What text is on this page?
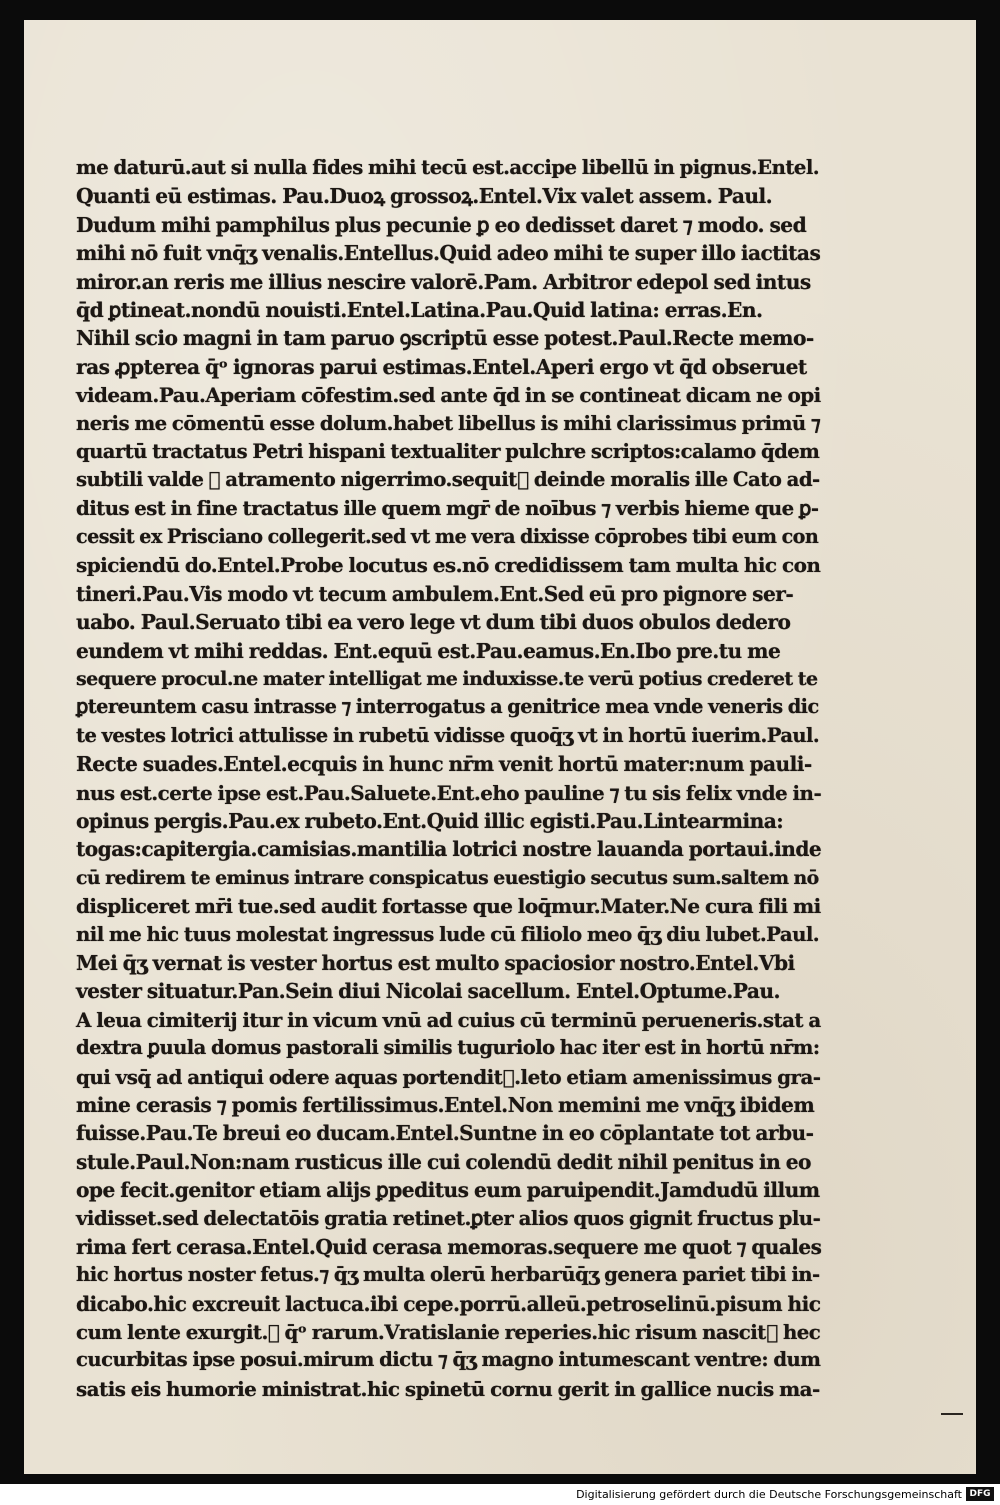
me daturū.aut si nulla fides mihi tecū est.accipe libellū in pignus.Entel.
Quanti eū estimas. Pau.Duoꝝ grossoꝝ.Entel.Vix valet assem. Paul.
Dudum mihi pamphilus plus pecunie ꝑ eo dedisset daret ⁊ modo. sed
mihi nō fuit vnq̄ʒ venalis.Entellus.Quid adeo mihi te super illo iactitas
miror.an reris me illius nescire valorē.Pam. Arbitror edepol sed intus
q̄d ꝑtineat.nondū nouisti.Entel.Latina.Pau.Quid latina: erras.En.
Nihil scio magni in tam paruo ꝯscriptū esse potest.Paul.Recte memo-
ras ꝓpterea q̄ᵒ ignoras parui estimas.Entel.Aperi ergo vt q̄d obseruet
videam.Pau.Aperiam cōfestim.sed ante q̄d in se contineat dicam ne opi
neris me cōmentū esse dolum.habet libellus is mihi clarissimus primū ⁊
quartū tractatus Petri hispani textualiter pulchre scriptos:calamo q̄dem
subtili valde ⁊ atramento nigerrimo.sequitᷣ deinde moralis ille Cato ad-
ditus est in fine tractatus ille quem mgr̄ de noībus ⁊ verbis hieme que ꝑ-
cessit ex Prisciano collegerit.sed vt me vera dixisse cōprobes tibi eum con
spiciendū do.Entel.Probe locutus es.nō credidissem tam multa hic con
tineri.Pau.Vis modo vt tecum ambulem.Ent.Sed eū pro pignore ser-
uabo. Paul.Seruato tibi ea vero lege vt dum tibi duos obulos dedero
eundem vt mihi reddas. Ent.equū est.Pau.eamus.En.Ibo pre.tu me
sequere procul.ne mater intelligat me induxisse.te verū potius crederet te
ꝑtereuntem casu intrasse ⁊ interrogatus a genitrice mea vnde veneris dic
te vestes lotrici attulisse in rubetū vidisse quoq̄ʒ vt in hortū iuerim.Paul.
Recte suades.Entel.ecquis in hunc nr̄m venit hortū mater:num pauli-
nus est.certe ipse est.Pau.Saluete.Ent.eho pauline ⁊ tu sis felix vnde in-
opinus pergis.Pau.ex rubeto.Ent.Quid illic egisti.Pau.Lintearmina:
togas:capitergia.camisias.mantilia lotrici nostre lauanda portaui.inde
cū redirem te eminus intrare conspicatus euestigio secutus sum.saltem nō
displiceret mr̄i tue.sed audit fortasse que loq̄mur.Mater.Ne cura fili mi
nil me hic tuus molestat ingressus lude cū filiolo meo q̄ʒ diu lubet.Paul.
Mei q̄ʒ vernat is vester hortus est multo spaciosior nostro.Entel.Vbi
vester situatur.Pan.Sein diui Nicolai sacellum. Entel.Optume.Pau.
A leua cimiterij itur in vicum vnū ad cuius cū terminū perueneris.stat a
dextra ꝑuula domus pastorali similis tuguriolo hac iter est in hortū nr̄m:
qui vsq̄ ad antiqui odere aquas portenditᷣ.leto etiam amenissimus gra-
mine cerasis ⁊ pomis fertilissimus.Entel.Non memini me vnq̄ʒ ibidem
fuisse.Pau.Te breui eo ducam.Entel.Suntne in eo cōplantate tot arbu-
stule.Paul.Non:nam rusticus ille cui colendū dedit nihil penitus in eo
ope fecit.genitor etiam alijs ꝑpeditus eum paruipendit.Jamdudū illum
vidisset.sed delectatōis gratia retinet.ꝑter alios quos gignit fructus plu-
rima fert cerasa.Entel.Quid cerasa memoras.sequere me quot ⁊ quales
hic hortus noster fetus.⁊ q̄ʒ multa olerū herbarūq̄ʒ genera pariet tibi in-
dicabo.hic excreuit lactuca.ibi cepe.porrū.alleū.petroselinū.pisum hic
cum lente exurgit.⁊ q̄ᵒ rarum.Vratislanie reperies.hic risum nascitᷣ hec
cucurbitas ipse posui.mirum dictu ⁊ q̄ʒ magno intumescant ventre: dum
satis eis humorie ministrat.hic spinetū cornu gerit in gallice nucis ma-
Digitalisierung gefördert durch die Deutsche Forschungsgemeinschaft DFG
